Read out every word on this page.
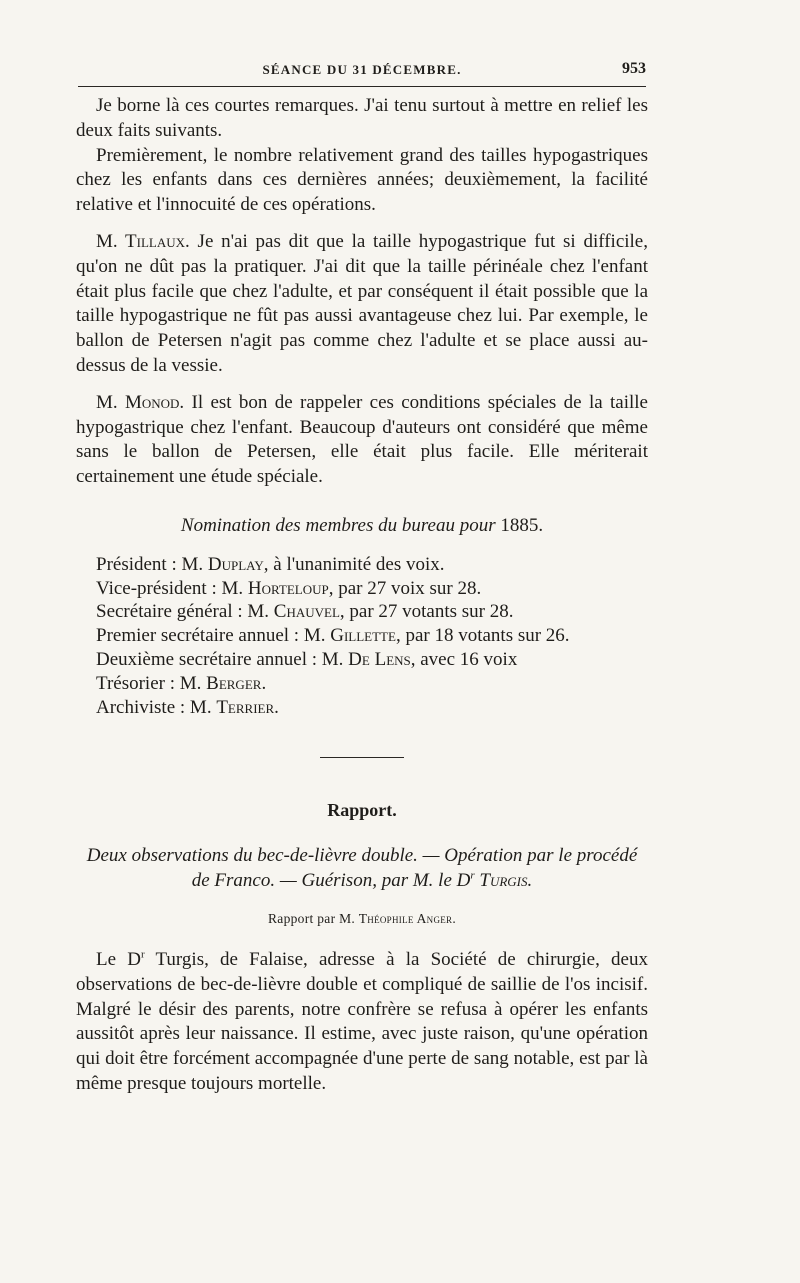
SÉANCE DU 31 DÉCEMBRE.	953

Je borne là ces courtes remarques. J'ai tenu surtout à mettre en relief les deux faits suivants.

Premièrement, le nombre relativement grand des tailles hypogastriques chez les enfants dans ces dernières années; deuxièmement, la facilité relative et l'innocuité de ces opérations.

M. Tillaux. Je n'ai pas dit que la taille hypogastrique fut si difficile, qu'on ne dût pas la pratiquer. J'ai dit que la taille périnéale chez l'enfant était plus facile que chez l'adulte, et par conséquent il était possible que la taille hypogastrique ne fût pas aussi avantageuse chez lui. Par exemple, le ballon de Petersen n'agit pas comme chez l'adulte et se place aussi au-dessus de la vessie.

M. Monod. Il est bon de rappeler ces conditions spéciales de la taille hypogastrique chez l'enfant. Beaucoup d'auteurs ont considéré que même sans le ballon de Petersen, elle était plus facile. Elle mériterait certainement une étude spéciale.

Nomination des membres du bureau pour 1885.

Président : M. Duplay, à l'unanimité des voix.
Vice-président : M. Horteloup, par 27 voix sur 28.
Secrétaire général : M. Chauvel, par 27 votants sur 28.
Premier secrétaire annuel : M. Gillette, par 18 votants sur 26.
Deuxième secrétaire annuel : M. De Lens, avec 16 voix
Trésorier : M. Berger.
Archiviste : M. Terrier.
Rapport.

Deux observations du bec-de-lièvre double. — Opération par le procédé de Franco. — Guérison, par M. le $D^r$ Turgis.

Rapport par M. Théophile Anger.

Le $D^r$ Turgis, de Falaise, adresse à la Société de chirurgie, deux observations de bec-de-lièvre double et compliqué de saillie de l'os incisif. Malgré le désir des parents, notre confrère se refusa à opérer les enfants aussitôt après leur naissance. Il estime, avec juste raison, qu'une opération qui doit être forcément accompagnée d'une perte de sang notable, est par là même presque toujours mortelle.
